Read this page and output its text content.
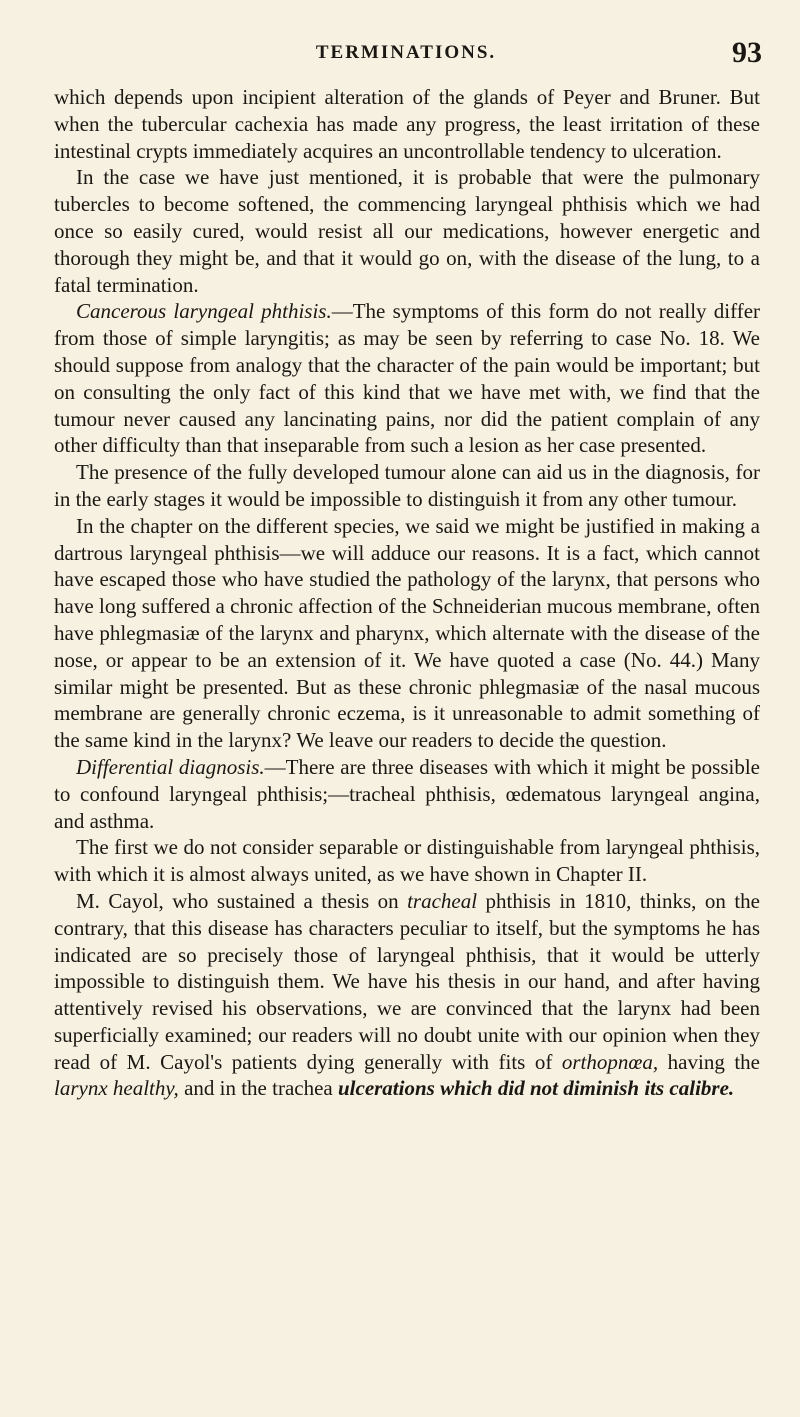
TERMINATIONS.	93

which depends upon incipient alteration of the glands of Peyer and Bruner. But when the tubercular cachexia has made any progress, the least irritation of these intestinal crypts immediately acquires an uncontrollable tendency to ulceration.

In the case we have just mentioned, it is probable that were the pulmonary tubercles to become softened, the commencing laryngeal phthisis which we had once so easily cured, would resist all our medications, however energetic and thorough they might be, and that it would go on, with the disease of the lung, to a fatal termination.

Cancerous laryngeal phthisis.—The symptoms of this form do not really differ from those of simple laryngitis; as may be seen by referring to case No. 18. We should suppose from analogy that the character of the pain would be important; but on consulting the only fact of this kind that we have met with, we find that the tumour never caused any lancinating pains, nor did the patient complain of any other difficulty than that inseparable from such a lesion as her case presented.

The presence of the fully developed tumour alone can aid us in the diagnosis, for in the early stages it would be impossible to distinguish it from any other tumour.

In the chapter on the different species, we said we might be justified in making a dartrous laryngeal phthisis—we will adduce our reasons. It is a fact, which cannot have escaped those who have studied the pathology of the larynx, that persons who have long suffered a chronic affection of the Schneiderian mucous membrane, often have phlegmasiæ of the larynx and pharynx, which alternate with the disease of the nose, or appear to be an extension of it. We have quoted a case (No. 44.) Many similar might be presented. But as these chronic phlegmasiæ of the nasal mucous membrane are generally chronic eczema, is it unreasonable to admit something of the same kind in the larynx? We leave our readers to decide the question.

Differential diagnosis.—There are three diseases with which it might be possible to confound laryngeal phthisis;—tracheal phthisis, œdematous laryngeal angina, and asthma.

The first we do not consider separable or distinguishable from laryngeal phthisis, with which it is almost always united, as we have shown in Chapter II.

M. Cayol, who sustained a thesis on tracheal phthisis in 1810, thinks, on the contrary, that this disease has characters peculiar to itself, but the symptoms he has indicated are so precisely those of laryngeal phthisis, that it would be utterly impossible to distinguish them. We have his thesis in our hand, and after having attentively revised his observations, we are convinced that the larynx had been superficially examined; our readers will no doubt unite with our opinion when they read of M. Cayol's patients dying generally with fits of orthopnœa, having the larynx healthy, and in the trachea ulcerations which did not diminish its calibre.
